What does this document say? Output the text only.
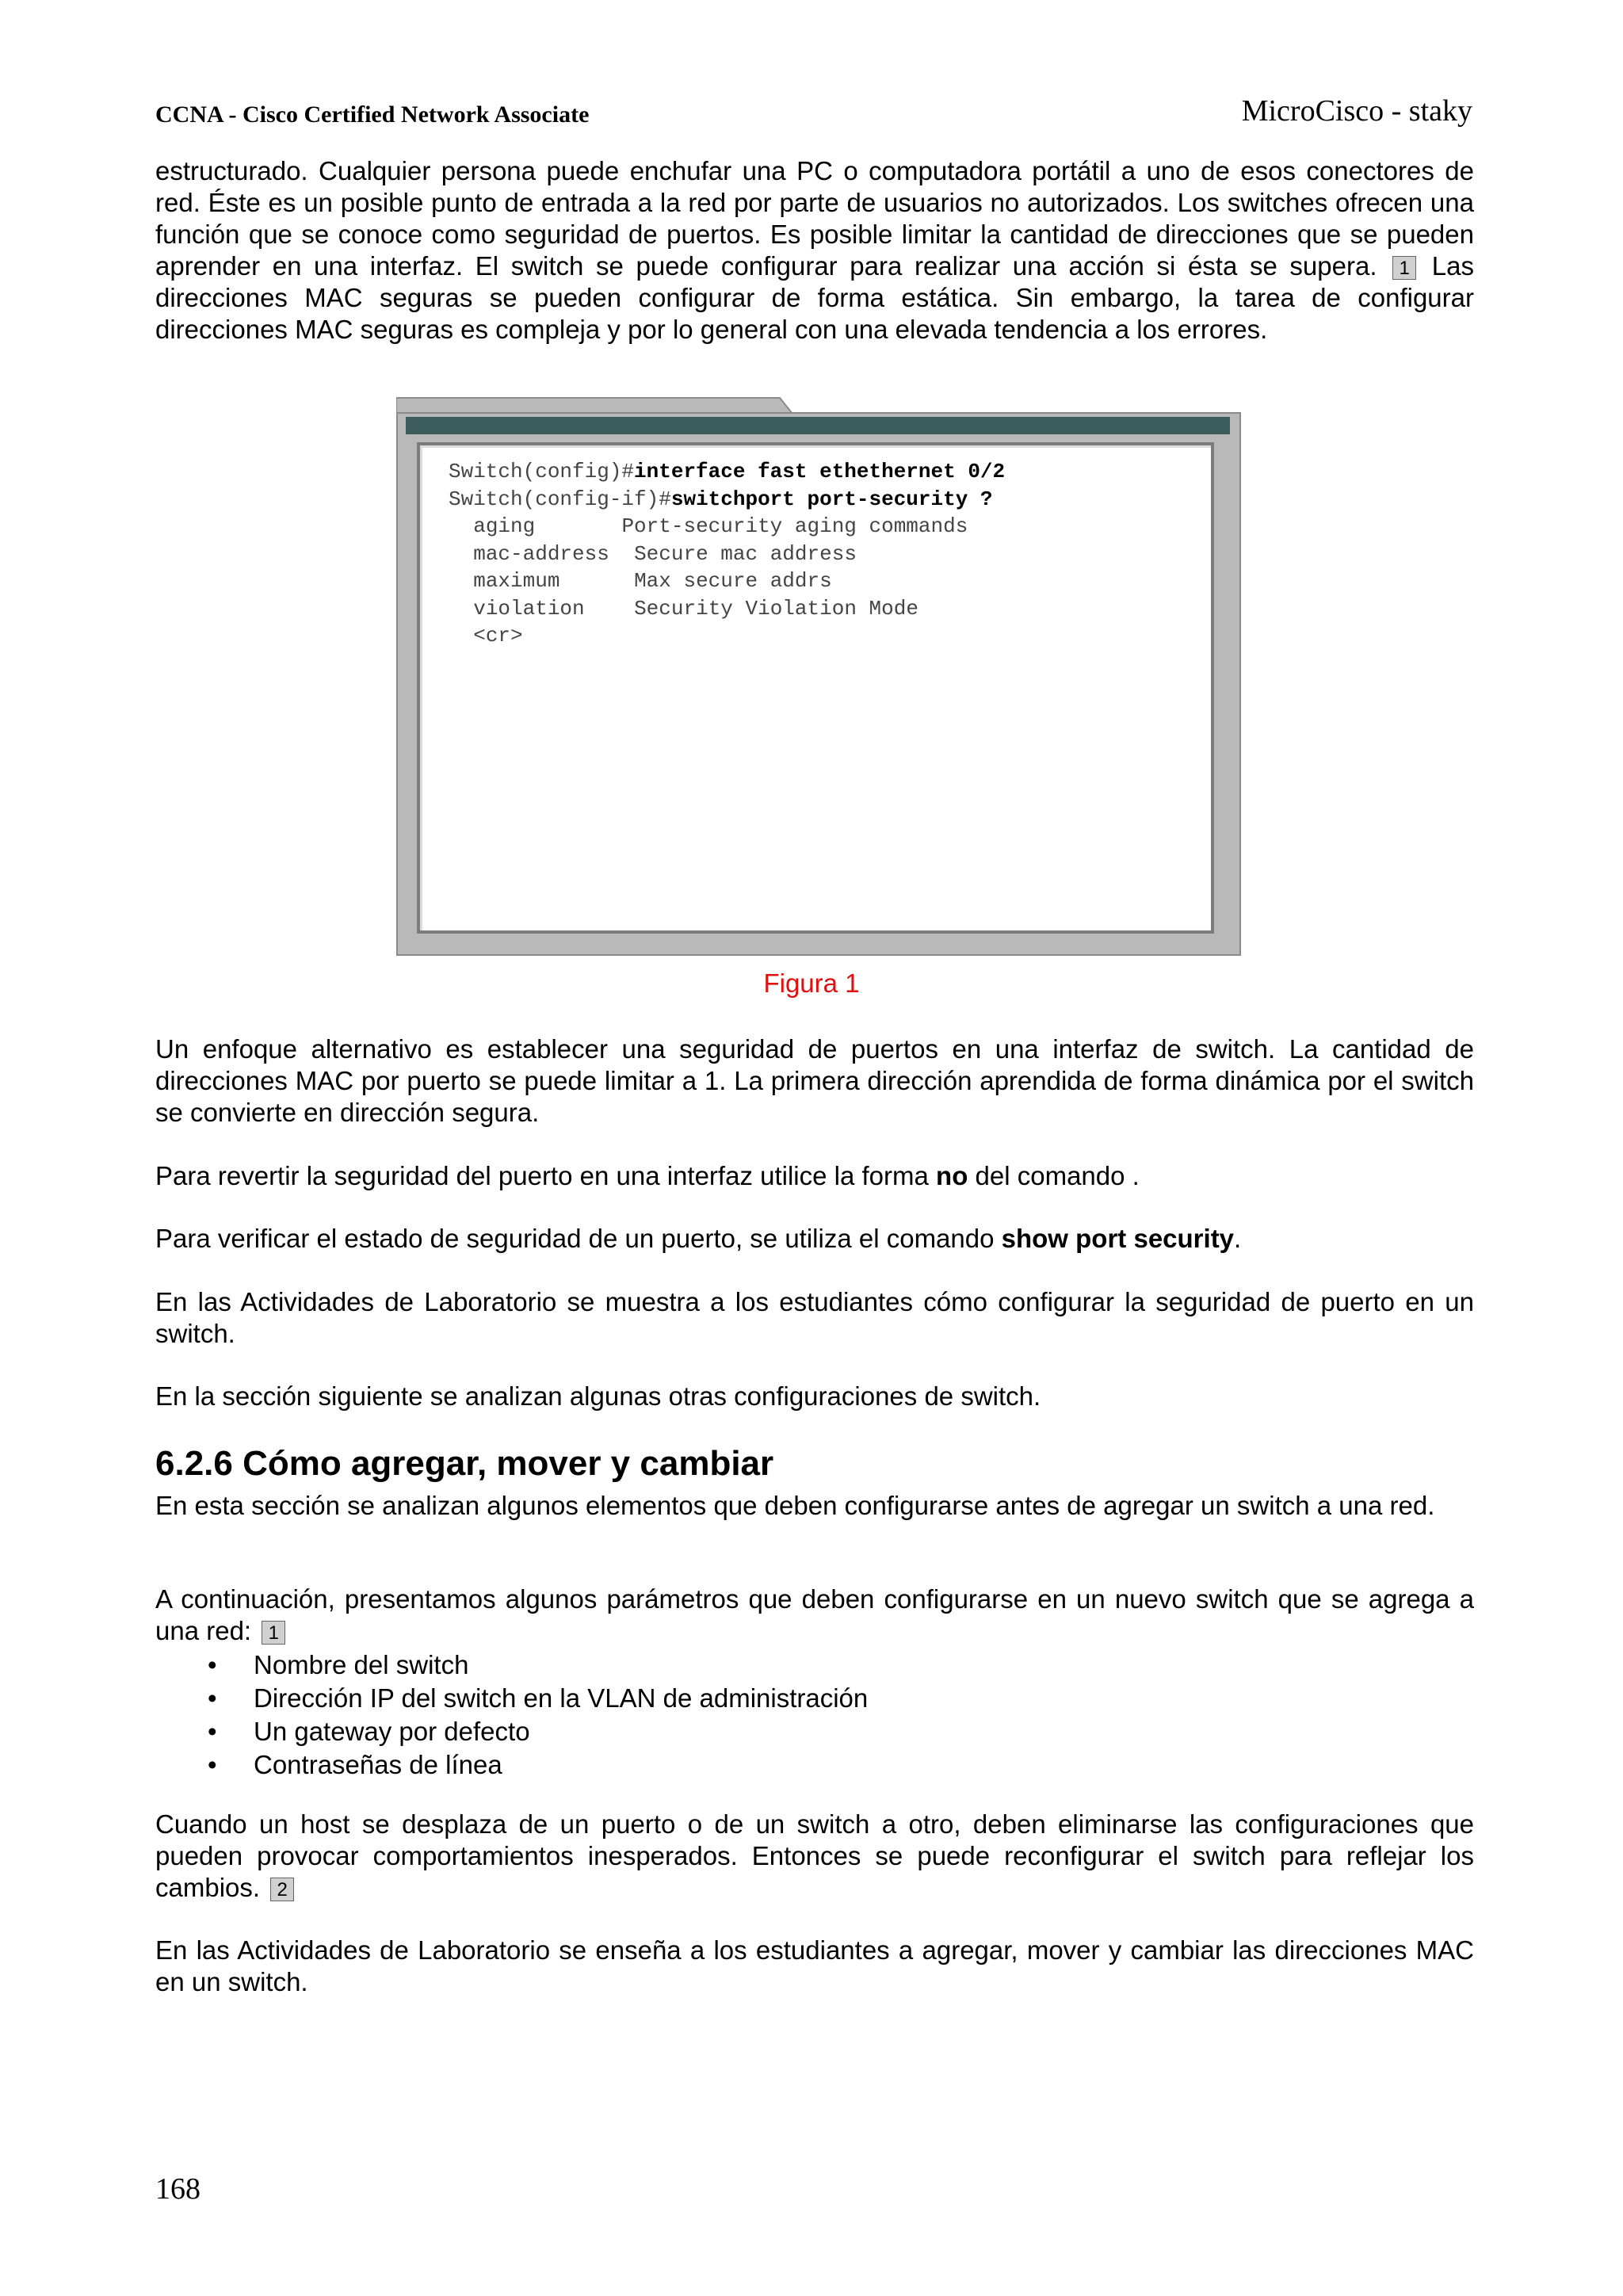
CCNA - Cisco Certified Network Associate	MicroCisco - staky

estructurado. Cualquier persona puede enchufar una PC o computadora portátil a uno de esos conectores de red. Éste es un posible punto de entrada a la red por parte de usuarios no autorizados. Los switches ofrecen una función que se conoce como seguridad de puertos. Es posible limitar la cantidad de direcciones que se pueden aprender en una interfaz. El switch se puede configurar para realizar una acción si ésta se supera. 1 Las direcciones MAC seguras se pueden configurar de forma estática. Sin embargo, la tarea de configurar direcciones MAC seguras es compleja y por lo general con una elevada tendencia a los errores.

Switch(config)#interface fast ethethernet 0/2
Switch(config-if)#switchport port-security ?
aging	Port-security aging commands
mac-address Secure mac address
maximum	Max secure addrs
violation Security Violation Mode
<cr>
Figura 1

Un enfoque alternativo es establecer una seguridad de puertos en una interfaz de switch. La cantidad de direcciones MAC por puerto se puede limitar a 1. La primera dirección aprendida de forma dinámica por el switch se convierte en dirección segura.

Para revertir la seguridad del puerto en una interfaz utilice la forma no del comando .

Para verificar el estado de seguridad de un puerto, se utiliza el comando show port security.

En las Actividades de Laboratorio se muestra a los estudiantes cómo configurar la seguridad de puerto en un switch.

En la sección siguiente se analizan algunas otras configuraciones de switch.

6.2.6 Cómo agregar, mover y cambiar

En esta sección se analizan algunos elementos que deben configurarse antes de agregar un switch a una red.

A continuación, presentamos algunos parámetros que deben configurarse en un nuevo switch que se agrega a una red: 1

• Nombre del switch
• Dirección IP del switch en la VLAN de administración
• Un gateway por defecto
• Contraseñas de línea

Cuando un host se desplaza de un puerto o de un switch a otro, deben eliminarse las configuraciones que pueden provocar comportamientos inesperados. Entonces se puede reconfigurar el switch para reflejar los cambios. 2

En las Actividades de Laboratorio se enseña a los estudiantes a agregar, mover y cambiar las direcciones MAC en un switch.

168
